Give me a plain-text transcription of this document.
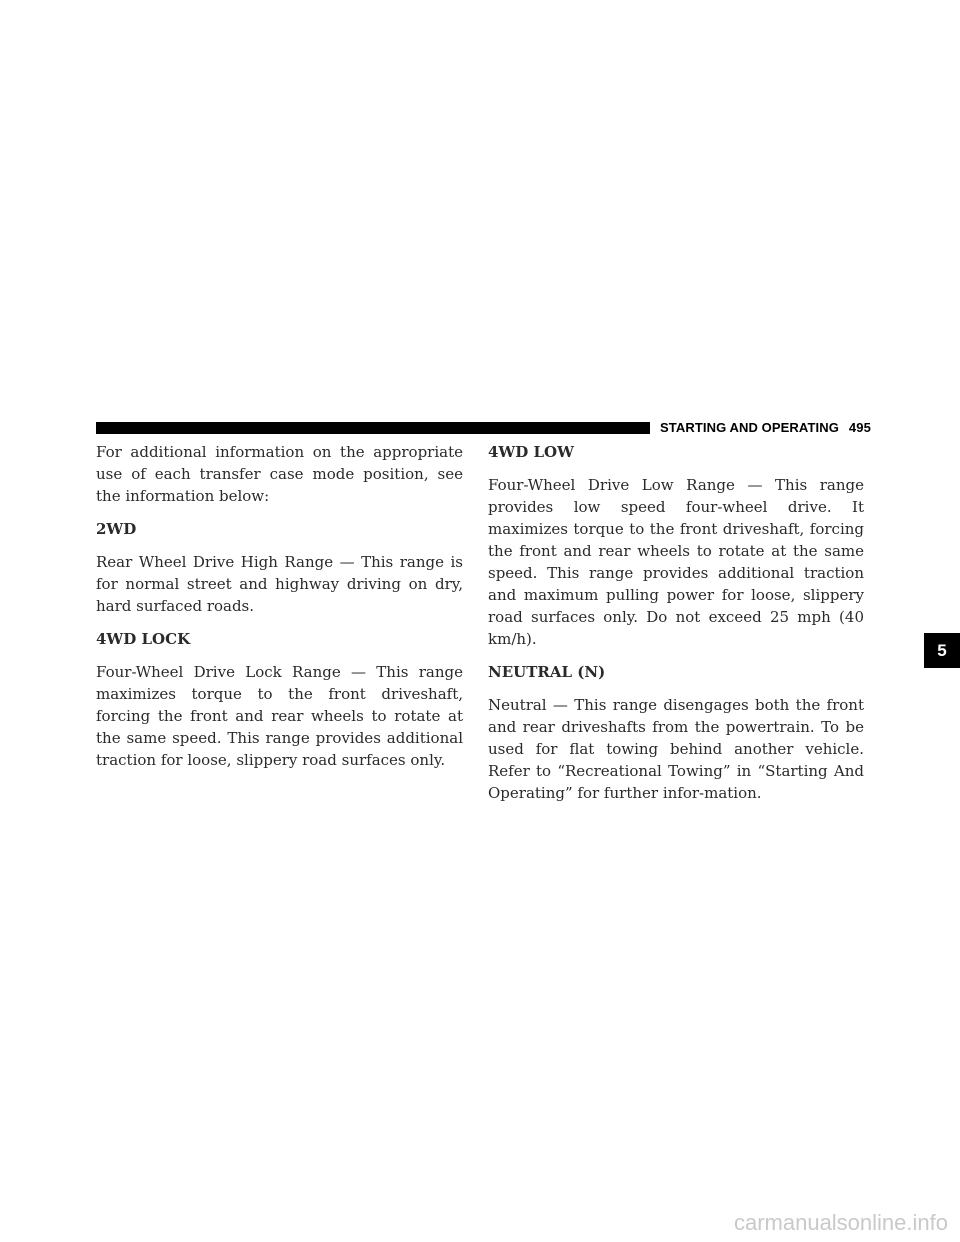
STARTING AND OPERATING 495

For additional information on the appropriate use of each transfer case mode position, see the information below:

2WD

Rear Wheel Drive High Range — This range is for normal street and highway driving on dry, hard surfaced roads.

4WD LOCK

Four-Wheel Drive Lock Range — This range maximizes torque to the front driveshaft, forcing the front and rear wheels to rotate at the same speed. This range provides additional traction for loose, slippery road surfaces only.

4WD LOW

Four-Wheel Drive Low Range — This range provides low speed four-wheel drive. It maximizes torque to the front driveshaft, forcing the front and rear wheels to rotate at the same speed. This range provides additional traction and maximum pulling power for loose, slippery road surfaces only. Do not exceed 25 mph (40 km/h).

NEUTRAL (N)

Neutral — This range disengages both the front and rear driveshafts from the powertrain. To be used for flat towing behind another vehicle. Refer to “Recreational Towing” in “Starting And Operating” for further infor-mation.

5
carmanualsonline.info
